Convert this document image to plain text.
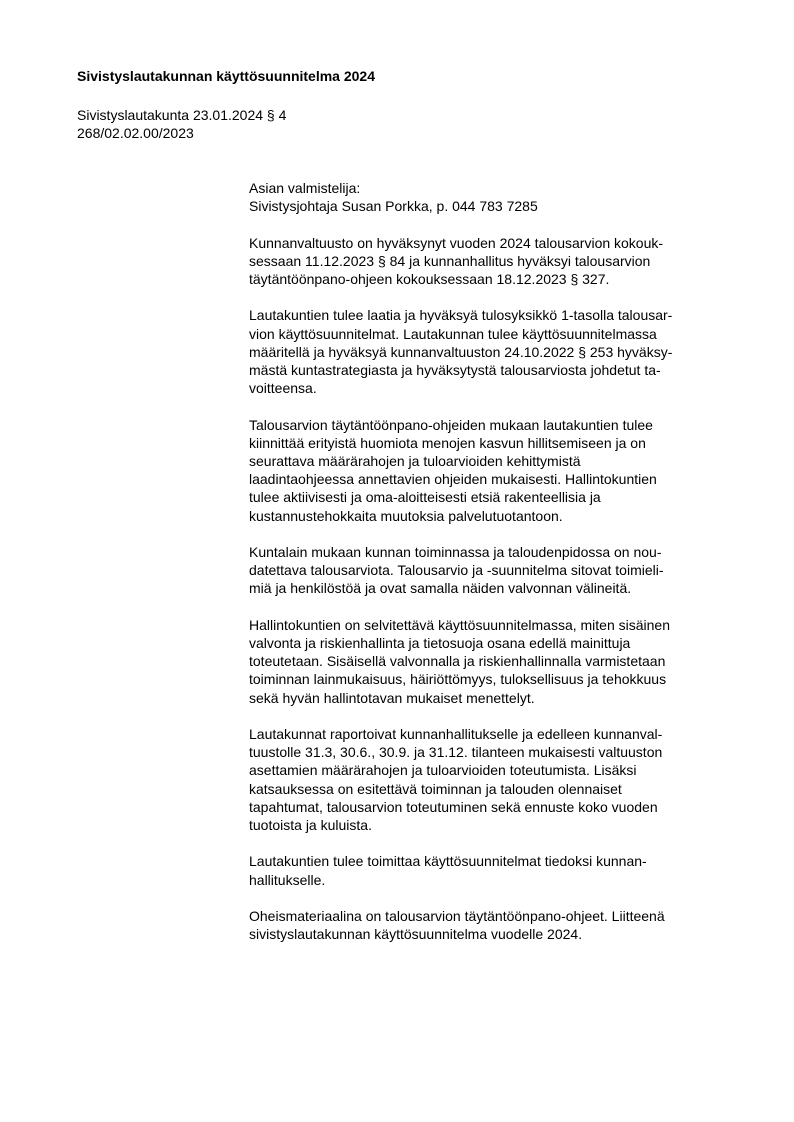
Sivistyslautakunnan käyttösuunnitelma 2024
Sivistyslautakunta 23.01.2024 § 4
268/02.02.00/2023

Asian valmistelija:
Sivistysjohtaja Susan Porkka, p. 044 783 7285

Kunnanvaltuusto on hyväksynyt vuoden 2024 talousarvion kokouk-
sessaan 11.12.2023 § 84 ja kunnanhallitus hyväksyi talousarvion
täytäntöönpano-ohjeen kokouksessaan 18.12.2023 § 327.

Lautakuntien tulee laatia ja hyväksyä tulosyksikkö 1-tasolla talousar-
vion käyttösuunnitelmat. Lautakunnan tulee käyttösuunnitelmassa
määritellä ja hyväksyä kunnanvaltuuston 24.10.2022 § 253 hyväksy-
mästä kuntastrategiasta ja hyväksytystä talousarviosta johdetut ta-
voitteensa.

Talousarvion täytäntöönpano-ohjeiden mukaan lautakuntien tulee
kiinnittää erityistä huomiota menojen kasvun hillitsemiseen ja on
seurattava määrärahojen ja tuloarvioiden kehittymistä
laadintaohjeessa annettavien ohjeiden mukaisesti. Hallintokuntien
tulee aktiivisesti ja oma-aloitteisesti etsiä rakenteellisia ja
kustannustehokkaita muutoksia palvelutuotantoon.

Kuntalain mukaan kunnan toiminnassa ja taloudenpidossa on nou-
datettava talousarviota. Talousarvio ja -suunnitelma sitovat toimieli-
miä ja henkilöstöä ja ovat samalla näiden valvonnan välineitä.

Hallintokuntien on selvitettävä käyttösuunnitelmassa, miten sisäinen
valvonta ja riskienhallinta ja tietosuoja osana edellä mainittuja
toteutetaan. Sisäisellä valvonnalla ja riskienhallinnalla varmistetaan
toiminnan lainmukaisuus, häiriöttömyys, tuloksellisuus ja tehokkuus
sekä hyvän hallintotavan mukaiset menettelyt.

Lautakunnat raportoivat kunnanhallitukselle ja edelleen kunnanval-
tuustolle 31.3, 30.6., 30.9. ja 31.12. tilanteen mukaisesti valtuuston
asettamien määrärahojen ja tuloarvioiden toteutumista. Lisäksi
katsauksessa on esitettävä toiminnan ja talouden olennaiset
tapahtumat, talousarvion toteutuminen sekä ennuste koko vuoden
tuotoista ja kuluista.

Lautakuntien tulee toimittaa käyttösuunnitelmat tiedoksi kunnan-
hallitukselle.

Oheismateriaalina on talousarvion täytäntöönpano-ohjeet. Liitteenä
sivistyslautakunnan käyttösuunnitelma vuodelle 2024.
